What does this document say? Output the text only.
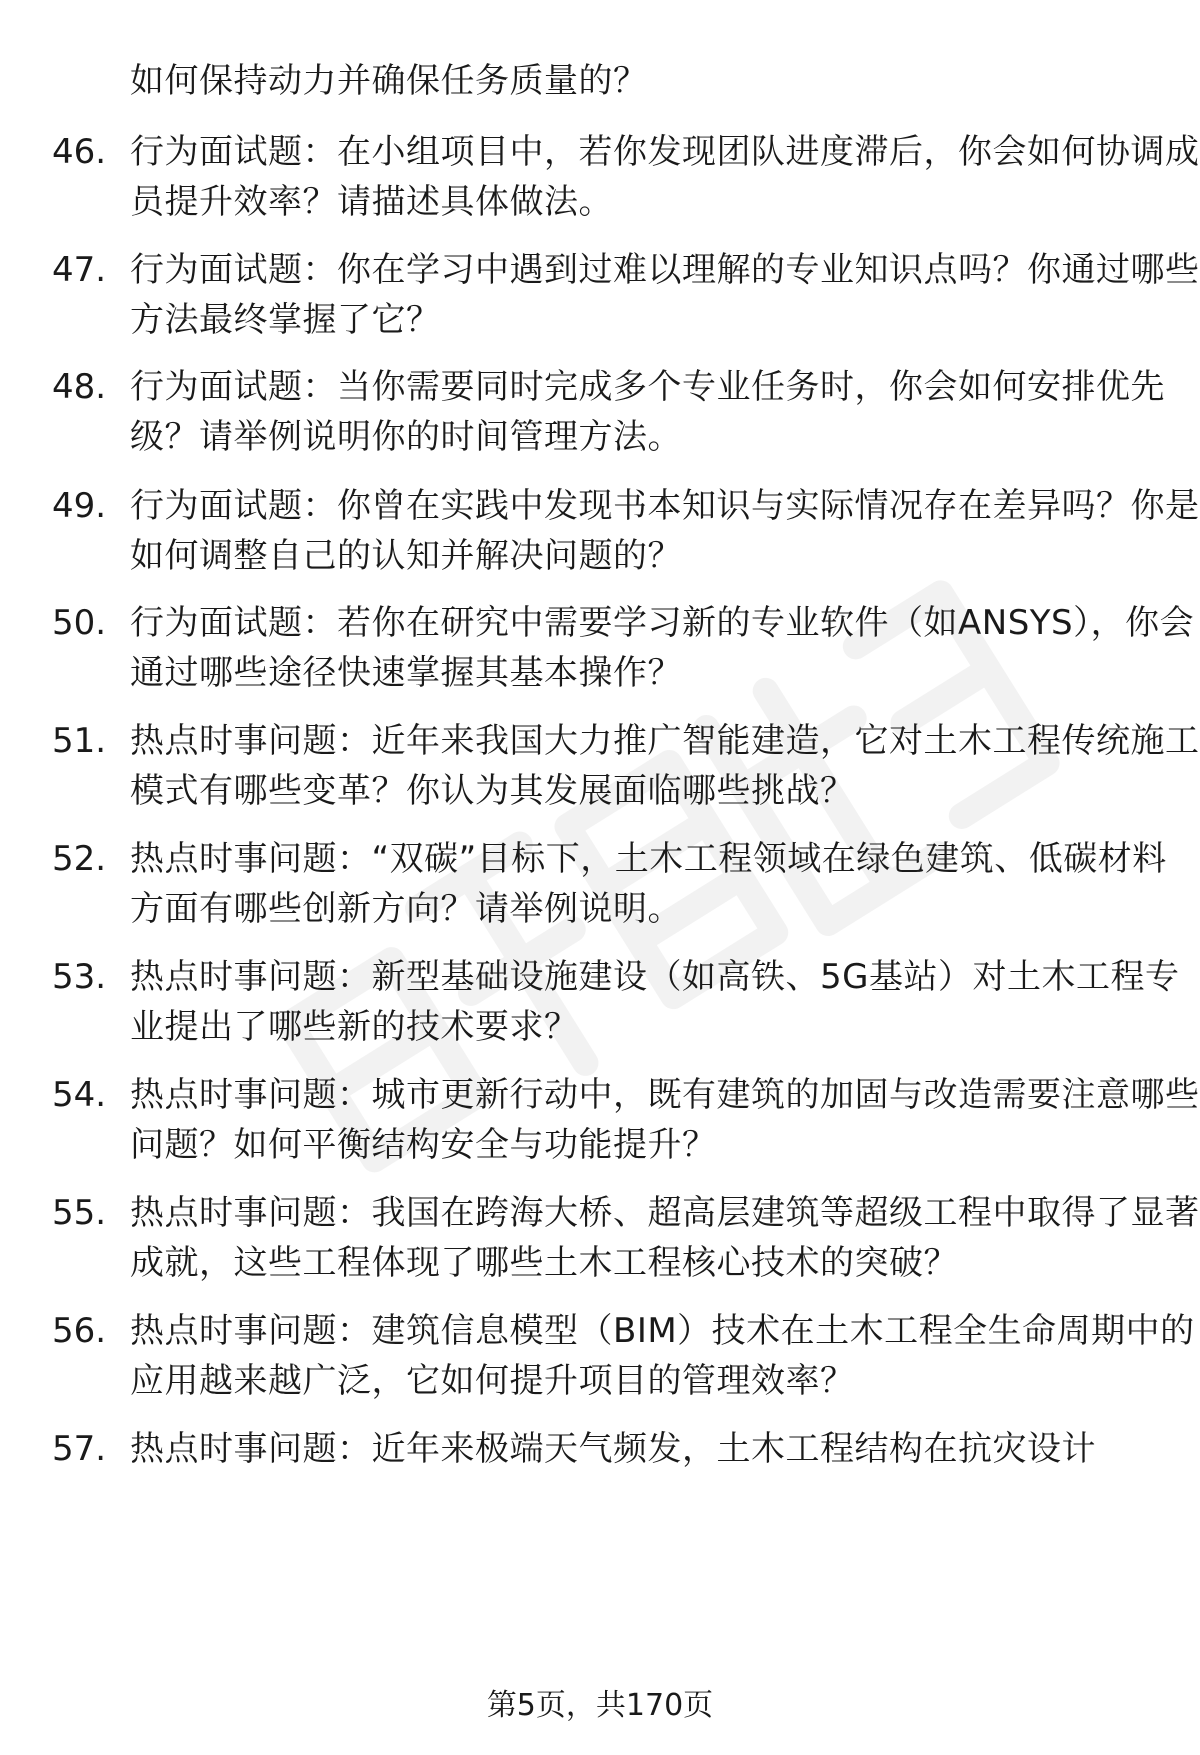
如何保持动力并确保任务质量的？
46. 行为面试题：在小组项目中，若你发现团队进度滞后，你会如何协调成员提升效率？请描述具体做法。
47. 行为面试题：你在学习中遇到过难以理解的专业知识点吗？你通过哪些方法最终掌握了它？
48. 行为面试题：当你需要同时完成多个专业任务时，你会如何安排优先级？请举例说明你的时间管理方法。
49. 行为面试题：你曾在实践中发现书本知识与实际情况存在差异吗？你是如何调整自己的认知并解决问题的？
50. 行为面试题：若你在研究中需要学习新的专业软件（如ANSYS），你会通过哪些途径快速掌握其基本操作？
51. 热点时事问题：近年来我国大力推广智能建造，它对土木工程传统施工模式有哪些变革？你认为其发展面临哪些挑战？
52. 热点时事问题：“双碳”目标下，土木工程领域在绿色建筑、低碳材料方面有哪些创新方向？请举例说明。
53. 热点时事问题：新型基础设施建设（如高铁、5G基站）对土木工程专业提出了哪些新的技术要求？
54. 热点时事问题：城市更新行动中，既有建筑的加固与改造需要注意哪些问题？如何平衡结构安全与功能提升？
55. 热点时事问题：我国在跨海大桥、超高层建筑等超级工程中取得了显著成就，这些工程体现了哪些土木工程核心技术的突破？
56. 热点时事问题：建筑信息模型（BIM）技术在土木工程全生命周期中的应用越来越广泛，它如何提升项目的管理效率？
57. 热点时事问题：近年来极端天气频发，土木工程结构在抗灾设计
第5页，共170页
